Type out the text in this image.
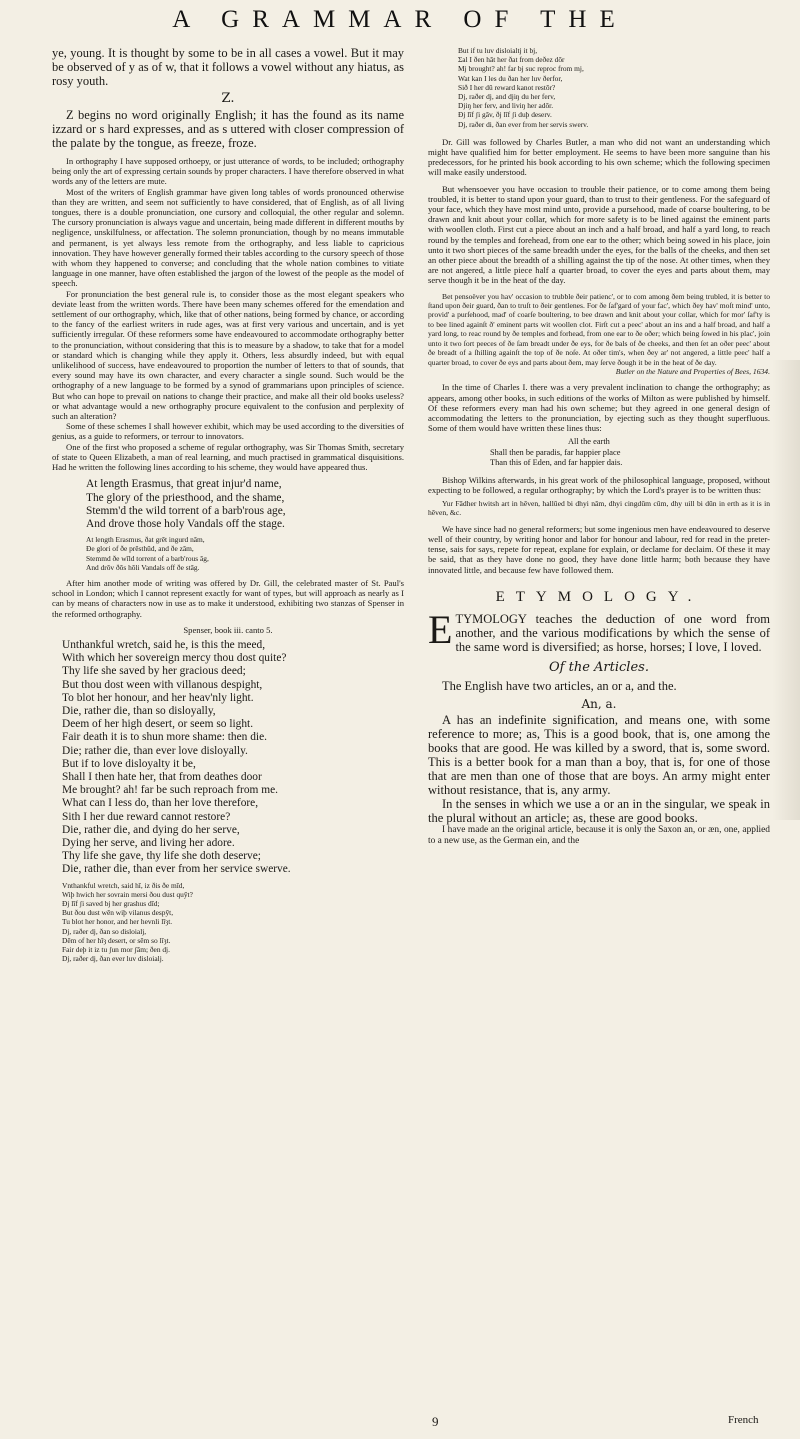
A GRAMMAR OF THE

ye, young. It is thought by some to be in all cases a vowel. But it may be observed of y as of w, that it follows a vowel without any hiatus, as rosy youth.

Z.

Z begins no word originally English; it has the found as its name izzard or s hard expresses, and as s uttered with closer compression of the palate by the tongue, as freeze, froze.

In orthography I have supposed orthoepy, or just utterance of words, to be included; orthography being only the art of expressing certain sounds by proper characters. I have therefore observed in what words any of the letters are mute.

Most of the writers of English grammar have given long tables of words pronounced otherwise than they are written, and seem not sufficiently to have considered, that of English, as of all living tongues, there is a double pronunciation, one cursory and colloquial, the other regular and solemn. The cursory pronunciation is always vague and uncertain, being made different in different mouths by negligence, unskilfulness, or affectation. The solemn pronunciation, though by no means immutable and permanent, is yet always less remote from the orthography, and less liable to capricious innovation. They have however generally formed their tables according to the cursory speech of those with whom they happened to converse; and concluding that the whole nation combines to vitiate language in one manner, have often established the jargon of the lowest of the people as the model of speech.

For pronunciation the best general rule is, to consider those as the most elegant speakers who deviate least from the written words. There have been many schemes offered for the emendation and settlement of our orthography, which, like that of other nations, being formed by chance, or according to the fancy of the earliest writers in rude ages, was at first very various and uncertain, and is yet sufficiently irregular. Of these reformers some have endeavoured to accommodate orthography better to the pronunciation, without considering that this is to measure by a shadow, to take that for a model or standard which is changing while they apply it. Others, less absurdly indeed, but with equal unlikelihood of success, have endeavoured to proportion the number of letters to that of sounds, that every sound may have its own character, and every character a single sound. Such would be the orthography of a new language to be formed by a synod of grammarians upon principles of science. But who can hope to prevail on nations to change their practice, and make all their old books useless? or what advantage would a new orthography procure equivalent to the confusion and perplexity of such an alteration?

Some of these schemes I shall however exhibit, which may be used according to the diversities of genius, as a guide to reformers, or terrour to innovators.

One of the first who proposed a scheme of regular orthography, was Sir Thomas Smith, secretary of state to Queen Elizabeth, a man of real learning, and much practised in grammatical disquisitions. Had he written the following lines according to his scheme, they would have appeared thus.

At length Erasmus, that great injur'd name,
The glory of the priesthood, and the shame,
Stemm'd the wild torrent of a barb'rous age,
And drove those holy Vandals off the stage.
At length Erasmus, ðat grēt ingurd nām,
Ðe glori of ðe prēsthūd, and ðe zām,
Stemmd ðe wīld torrent of a barb'rous āg,
And drōv ðōs hōli Vandals off ðe stāg.

After him another mode of writing was offered by Dr. Gill, the celebrated master of St. Paul's school in London; which I cannot represent exactly for want of types, but will approach as nearly as I can by means of characters now in use as to make it understood, exhibiting two stanzas of Spenser in the reformed orthography.

Spenser, book iii. canto 5.

Unthankful wretch, said he, is this the meed,
With which her sovereign mercy thou dost quite?
Thy life she saved by her gracious deed;
But thou dost ween with villanous despight,
To blot her honour, and her heav'nly light.
Die, rather die, than so disloyally,
Deem of her high desert, or seem so light.
Fair death it is to shun more shame: then die.
Die; rather die, than ever love disloyally.
But if to love disloyalty it be,
Shall I then hate her, that from deathes door
Me brought? ah! far be such reproach from me.
What can I less do, than her love therefore,
Sith I her due reward cannot restore?
Die, rather die, and dying do her serve,
Dying her serve, and living her adore.
Thy life she gave, thy life she doth deserve;
Die, rather die, than ever from her service swerve.
Vnthankful wretch, said hī, iz ðis ðe mīd,
Wiþ hwich her sovrain mersi ðou dust quȳt?
Ðj līf ʃi saved bj her grashus dīd;
But ðou dust wēn wiþ vilanus despȳt,
Tu blot her honor, and her hevnli līȝt.
Dj, raðer dj, ðan so disloialj,
Dēm of her hīȝ desert, or sēm so līȝt.
Fair deþ it iz tu ʃun mor ʃām; ðen dj.
Dj, raðer dj, ðan ever luv disloialj.
But if tu luv disloialtj it bj,
Ʃal I ðen hāt her ðat from deðez dōr
Mj brought? ah! far bj suc reproc from mj,
Wat kan I les du ðan her luv ðerfor,
Sið I her dū reward kanot restōr?
Dj, raðer dj, and djiŋ du her ferv,
Djiŋ her ferv, and liviŋ her adōr.
Ðj līf ʃi gāv, ðj līf ʃi duþ deserv.
Dj, raðer di, ðan ever from her servis swerv.

Dr. Gill was followed by Charles Butler, a man who did not want an understanding which might have qualified him for better employment. He seems to have been more sanguine than his predecessors, for he printed his book according to his own scheme; which the following specimen will make easily understood.

But whensoever you have occasion to trouble their patience, or to come among them being troubled, it is better to stand upon your guard, than to trust to their gentleness. For the safeguard of your face, which they have most mind unto, provide a pursehood, made of coarse boultering, to be drawn and knit about your collar, which for more safety is to be lined against the eminent parts with woollen cloth. First cut a piece about an inch and a half broad, and half a yard long, to reach round by the temples and forehead, from one ear to the other; which being sowed in his place, join unto it two short pieces of the same breadth under the eyes, for the balls of the cheeks, and then set an other piece about the breadth of a shilling against the tip of the nose. At other times, when they are not angered, a little piece half a quarter broad, to cover the eyes and parts about them, may serve though it be in the heat of the day.

Bet pensoëver you hav' occasion to trubble ðeir patienc', or to com among ðem being trubled, it is better to ſtand upon ðeir guard, ðan to truſt to ðeir gentlenes. For ðe ſaf'gard of your fac', which ðey hav' moſt mind' unto, provid' a purſehood, mad' of coarſe boultering, to bee drawn and knit about your collar, which for mor' ſaf'ty is to bee lined againſt ð' eminent parts wit woollen clot. Firſt cut a peec' about an ins and a half broad, and half a yard long, to reac round by ðe temples and forhead, from one ear to ðe oðer; which being ſowed in his plac', join unto it two ſort peeces of ðe ſam breadt under ðe eys, for ðe bals of ðe cheeks, and then ſet an oðer peec' about ðe breadt of a ſhilling againſt the top of ðe noſe. At oðer tim's, when ðey ar' not angered, a little peec' half a quarter broad, to cover ðe eys and parts about ðem, may ſerve ðough it be in the heat of ðe day.

Butler on the Nature and Properties of Bees, 1634.

In the time of Charles I. there was a very prevalent inclination to change the orthography; as appears, among other books, in such editions of the works of Milton as were published by himself. Of these reformers every man had his own scheme; but they agreed in one general design of accommodating the letters to the pronunciation, by ejecting such as they thought superfluous. Some of them would have written these lines thus:

All the earth
Shall then be paradis, far happier place
Than this of Eden, and far happier dais.

Bishop Wilkins afterwards, in his great work of the philosophical language, proposed, without expecting to be followed, a regular orthography; by which the Lord's prayer is to be written thus:

Yur Fādher hwitsh art in hēven, hallūed bi dhyi nām, dhyi cingdūm cūm, dhy uill bi dūn in erth as it is in hēven, &c.

We have since had no general reformers; but some ingenious men have endeavoured to deserve well of their country, by writing honor and labor for honour and labour, red for read in the preter-tense, sais for says, repete for repeat, explane for explain, or declame for declaim. Of these it may be said, that as they have done no good, they have done little harm; both because they have innovated little, and because few have followed them.

ETYMOLOGY.
ETYMOLOGY teaches the deduction of one word from another, and the various modifications by which the sense of the same word is diversified; as horse, horses; I love, I loved.
Of the Articles.

The English have two articles, an or a, and the.

An, a.

A has an indefinite signification, and means one, with some reference to more; as, This is a good book, that is, one among the books that are good. He was killed by a sword, that is, some sword. This is a better book for a man than a boy, that is, for one of those that are men than one of those that are boys. An army might enter without resistance, that is, any army.

In the senses in which we use a or an in the singular, we speak in the plural without an article; as, these are good books.

I have made an the original article, because it is only the Saxon an, or æn, one, applied to a new use, as the German ein, and the

French
9
